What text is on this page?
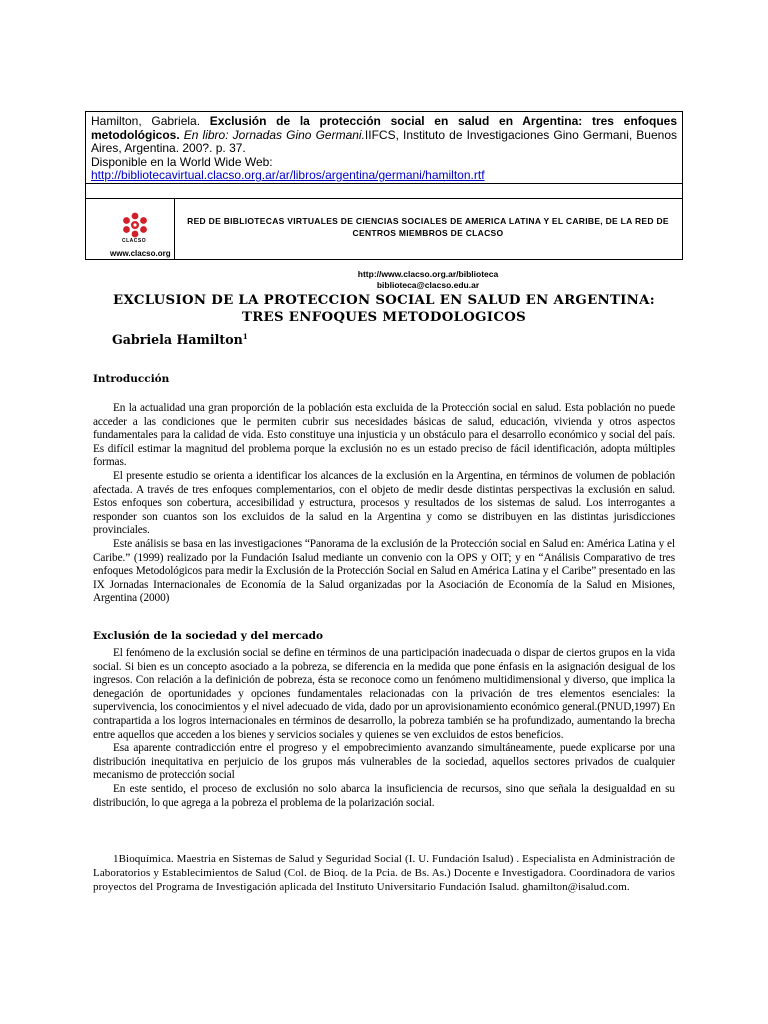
Hamilton, Gabriela. Exclusión de la protección social en salud en Argentina: tres enfoques metodológicos. En libro: Jornadas Gino Germani.IIFCS, Instituto de Investigaciones Gino Germani, Buenos Aires, Argentina. 200?. p. 37.
Disponible en la World Wide Web:
http://bibliotecavirtual.clacso.org.ar/ar/libros/argentina/germani/hamilton.rtf
CLACSO
www.clacso.org
RED DE BIBLIOTECAS VIRTUALES DE CIENCIAS SOCIALES DE AMERICA LATINA Y EL CARIBE, DE LA RED DE CENTROS MIEMBROS DE CLACSO
http://www.clacso.org.ar/biblioteca
biblioteca@clacso.edu.ar
EXCLUSION DE LA PROTECCION SOCIAL EN SALUD EN ARGENTINA:
TRES ENFOQUES METODOLOGICOS
Gabriela Hamilton$^1$
Introducción

En la actualidad una gran proporción de la población esta excluida de la Protección social en salud. Esta población no puede acceder a las condiciones que le permiten cubrir sus necesidades básicas de salud, educación, vivienda y otros aspectos fundamentales para la calidad de vida. Esto constituye una injusticia y un obstáculo para el desarrollo económico y social del país. Es difícil estimar la magnitud del problema porque la exclusión no es un estado preciso de fácil identificación, adopta múltiples formas.

El presente estudio se orienta a identificar los alcances de la exclusión en la Argentina, en términos de volumen de población afectada. A través de tres enfoques complementarios, con el objeto de medir desde distintas perspectivas la exclusión en salud. Estos enfoques son cobertura, accesibilidad y estructura, procesos y resultados de los sistemas de salud. Los interrogantes a responder son cuantos son los excluidos de la salud en la Argentina y como se distribuyen en las distintas jurisdicciones provinciales.

Este análisis se basa en las investigaciones “Panorama de la exclusión de la Protección social en Salud en: América Latina y el Caribe.” (1999) realizado por la Fundación Isalud mediante un convenio con la OPS y OIT; y en “Análisis Comparativo de tres enfoques Metodológicos para medir la Exclusión de la Protección Social en Salud en América Latina y el Caribe” presentado en las IX Jornadas Internacionales de Economía de la Salud organizadas por la Asociación de Economía de la Salud en Misiones, Argentina (2000)

Exclusión de la sociedad y del mercado

El fenómeno de la exclusión social se define en términos de una participación inadecuada o dispar de ciertos grupos en la vida social. Si bien es un concepto asociado a la pobreza, se diferencia en la medida que pone énfasis en la asignación desigual de los ingresos. Con relación a la definición de pobreza, ésta se reconoce como un fenómeno multidimensional y diverso, que implica la denegación de oportunidades y opciones fundamentales relacionadas con la privación de tres elementos esenciales: la supervivencia, los conocimientos y el nivel adecuado de vida, dado por un aprovisionamiento económico general.(PNUD,1997) En contrapartida a los logros internacionales en términos de desarrollo, la pobreza también se ha profundizado, aumentando la brecha entre aquellos que acceden a los bienes y servicios sociales y quienes se ven excluidos de estos beneficios.

Esa aparente contradicción entre el progreso y el empobrecimiento avanzando simultáneamente, puede explicarse por una distribución inequitativa en perjuicio de los grupos más vulnerables de la sociedad, aquellos sectores privados de cualquier mecanismo de protección social

En este sentido, el proceso de exclusión no solo abarca la insuficiencia de recursos, sino que señala la desigualdad en su distribución, lo que agrega a la pobreza el problema de la polarización social.

1Bioquímica. Maestria en Sistemas de Salud y Seguridad Social (I. U. Fundación Isalud) . Especialista en Administración de Laboratorios y Establecimientos de Salud (Col. de Bioq. de la Pcia. de Bs. As.) Docente e Investigadora. Coordinadora de varios proyectos del Programa de Investigación aplicada del Instituto Universitario Fundación Isalud. ghamilton@isalud.com.
